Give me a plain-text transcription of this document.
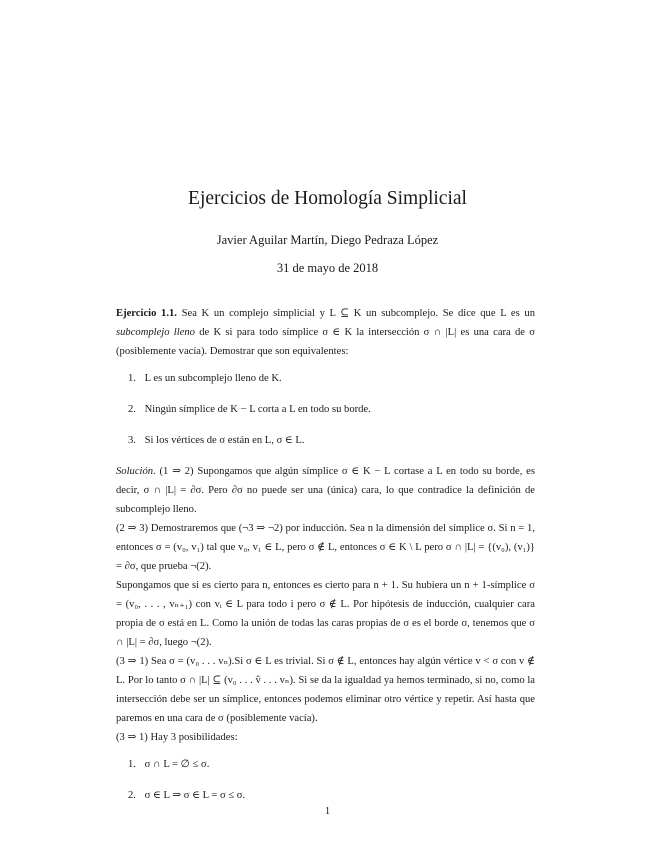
Ejercicios de Homología Simplicial
Javier Aguilar Martín, Diego Pedraza López
31 de mayo de 2018

Ejercicio 1.1. Sea K un complejo simplicial y L ⊆ K un subcomplejo. Se dice que L es un subcomplejo lleno de K si para todo símplice σ ∈ K la intersección σ ∩ |L| es una cara de σ (posiblemente vacía). Demostrar que son equivalentes:

1. L es un subcomplejo lleno de K.
2. Ningún símplice de K − L corta a L en todo su borde.
3. Si los vértices de σ están en L, σ ∈ L.

Solución. (1 ⇒ 2) Supongamos que algún símplice σ ∈ K − L cortase a L en todo su borde, es decir, σ ∩ |L| = ∂σ. Pero ∂σ no puede ser una (única) cara, lo que contradice la definición de subcomplejo lleno.

(2 ⇒ 3) Demostraremos que (¬3 ⇒ ¬2) por inducción. Sea n la dimensión del símplice σ. Si n = 1, entonces σ = (v₀, v₁) tal que v₀, v₁ ∈ L, pero σ ∉ L, entonces σ ∈ K \ L pero σ ∩ |L| = {(v₀), (v₁)} = ∂σ, que prueba ¬(2).

Supongamos que si es cierto para n, entonces es cierto para n + 1. Su hubiera un n + 1-símplice σ = (v₀, . . . , vₙ₊₁) con vᵢ ∈ L para todo i pero σ ∉ L. Por hipótesis de inducción, cualquier cara propia de σ está en L. Como la unión de todas las caras propias de σ es el borde σ, tenemos que σ ∩ |L| = ∂σ, luego ¬(2).

(3 ⇒ 1) Sea σ = (v₀ . . . vₙ).Si σ ∈ L es trivial. Si σ ∉ L, entonces hay algún vértice v < σ con v ∉ L. Por lo tanto σ ∩ |L| ⊆ (v₀ . . . v̂ . . . vₙ). Si se da la igualdad ya hemos terminado, si no, como la intersección debe ser un símplice, entonces podemos eliminar otro vértice y repetir. Así hasta que paremos en una cara de σ (posiblemente vacía).

(3 ⇒ 1) Hay 3 posibilidades:

1. σ ∩ L = ∅ ≤ σ.
2. σ ∈ L ⇒ σ ∈ L = σ ≤ σ.
1
